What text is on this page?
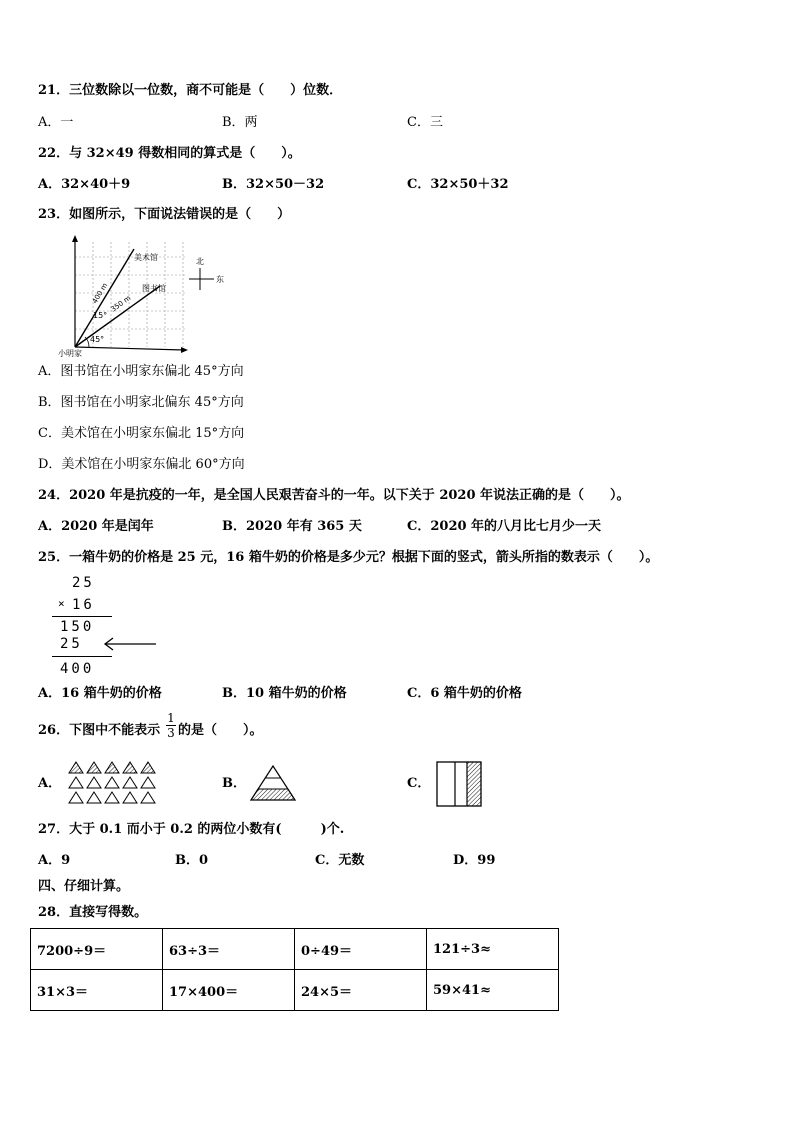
21．三位数除以一位数，商不可能是（　　）位数．
A．一	B．两	C．三
22．与 32×49 得数相同的算式是（　　）。
A．32×40＋9	B．32×50－32	C．32×50＋32
23．如图所示，下面说法错误的是（　　）
小明家
美术馆
图书馆
400 m 350 m
15°
45°
北
东
A．图书馆在小明家东偏北 45°方向
B．图书馆在小明家北偏东 45°方向
C．美术馆在小明家东偏北 15°方向
D．美术馆在小明家东偏北 60°方向
24．2020 年是抗疫的一年，是全国人民艰苦奋斗的一年。以下关于 2020 年说法正确的是（　　）。
A．2020 年是闰年	B．2020 年有 365 天	C．2020 年的八月比七月少一天
25．一箱牛奶的价格是 25 元，16 箱牛奶的价格是多少元？根据下面的竖式，箭头所指的数表示（　　）。
25
× 16
150
25
400
A．16 箱牛奶的价格	B．10 箱牛奶的价格	C．6 箱牛奶的价格
26．下图中不能表示
1
3 的是（　　）。
A．	B．	C．
27．大于 0.1 而小于 0.2 的两位小数有(　　　)个.
A．9	B．0	C．无数	D．99
四、仔细计算。
28．直接写得数。
7200÷9＝	63÷3＝	0÷49＝	121÷3≈
31×3＝	17×400＝	24×5＝	59×41≈
